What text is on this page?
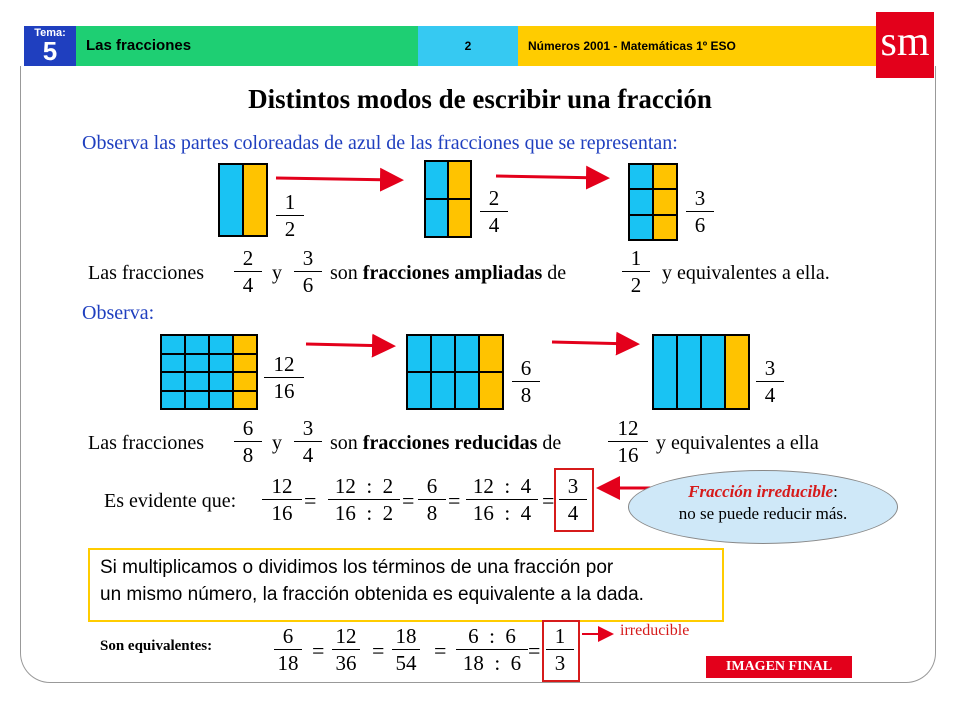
Tema:
5	Las fracciones	2	Números 2001 - Matemáticas 1º ESO	sm
Distintos modos de escribir una fracción
Observa las partes coloreadas de azul de las fracciones que se representan:
$\frac{1}{2}$	$\frac{2}{4}$	$\frac{3}{6}$
Las fracciones $\frac{2}{4}$ y $\frac{3}{6}$ son fracciones ampliadas de	$\frac{1}{2}$ y equivalentes a ella.
Observa:
$\frac{12}{16}$	$\frac{6}{8}$	$\frac{3}{4}$
Las fracciones $\frac{6}{8}$ y $\frac{3}{4}$ son fracciones reducidas de $\frac{12}{16}$ y equivalentes a ella
Es evidente que: $\frac{12}{16} = \frac{12 : 2}{16 : 2} = \frac{6}{8} = \frac{12 : 4}{16 : 4} = \frac{3}{4}$	Fracción irreducible:
no se puede reducir más.
Si multiplicamos o dividimos los términos de una fracción por
un mismo número, la fracción obtenida es equivalente a la dada.
Son equivalentes:	$\frac{6}{18} = \frac{12}{36} = \frac{18}{54} = \frac{6 : 6}{18 : 6} = \frac{1}{3}$	irreducible
IMAGEN FINAL
